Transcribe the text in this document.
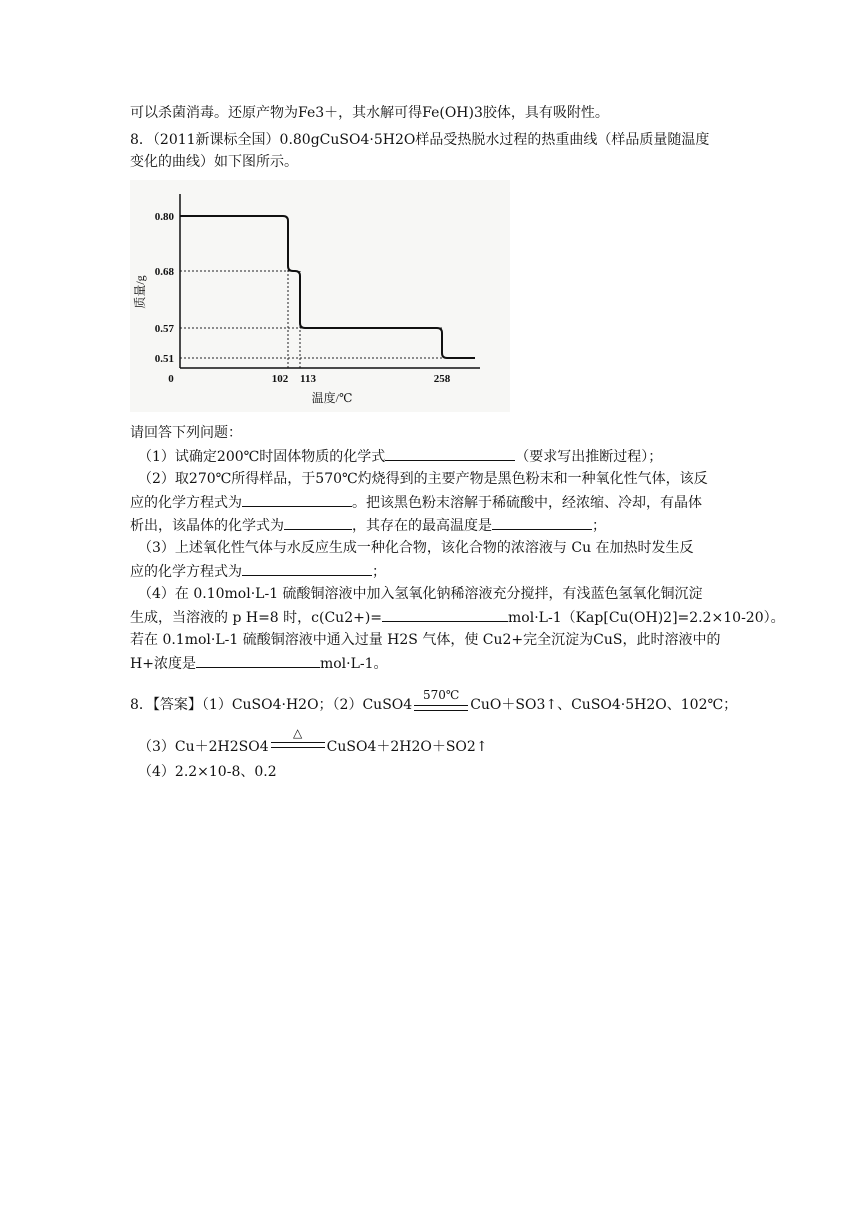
可以杀菌消毒。还原产物为Fe3＋，其水解可得Fe(OH)3胶体，具有吸附性。
8．（2011新课标全国）0.80gCuSO4·5H2O样品受热脱水过程的热重曲线（样品质量随温度
变化的曲线）如下图所示。
0.80
0.68
0.57
0.51
0	102 113	258
质量/g
温度/℃
请回答下列问题：
（1）试确定200℃时固体物质的化学式	（要求写出推断过程）；
（2）取270℃所得样品，于570℃灼烧得到的主要产物是黑色粉末和一种氧化性气体，该反
应的化学方程式为	。把该黑色粉末溶解于稀硫酸中，经浓缩、冷却，有晶体
析出，该晶体的化学式为	，其存在的最高温度是	；
（3）上述氧化性气体与水反应生成一种化合物，该化合物的浓溶液与 Cu 在加热时发生反
应的化学方程式为	；
（4）在 0.10mol·L-1 硫酸铜溶液中加入氢氧化钠稀溶液充分搅拌，有浅蓝色氢氧化铜沉淀
生成，当溶液的 p H=8 时，c(Cu2+)=	mol·L-1（Kap[Cu(OH)2]=2.2×10-20）。
若在 0.1mol·L-1 硫酸铜溶液中通入过量 H2S 气体，使 Cu2+完全沉淀为CuS，此时溶液中的
H+浓度是	mol·L-1。
8．【答案】（1）CuSO4·H2O；（2）CuSO4
570℃
CuO＋SO3↑、CuSO4·5H2O、102℃；
（3）Cu＋2H2SO4
△
CuSO4＋2H2O＋SO2↑
（4）2.2×10-8、0.2
